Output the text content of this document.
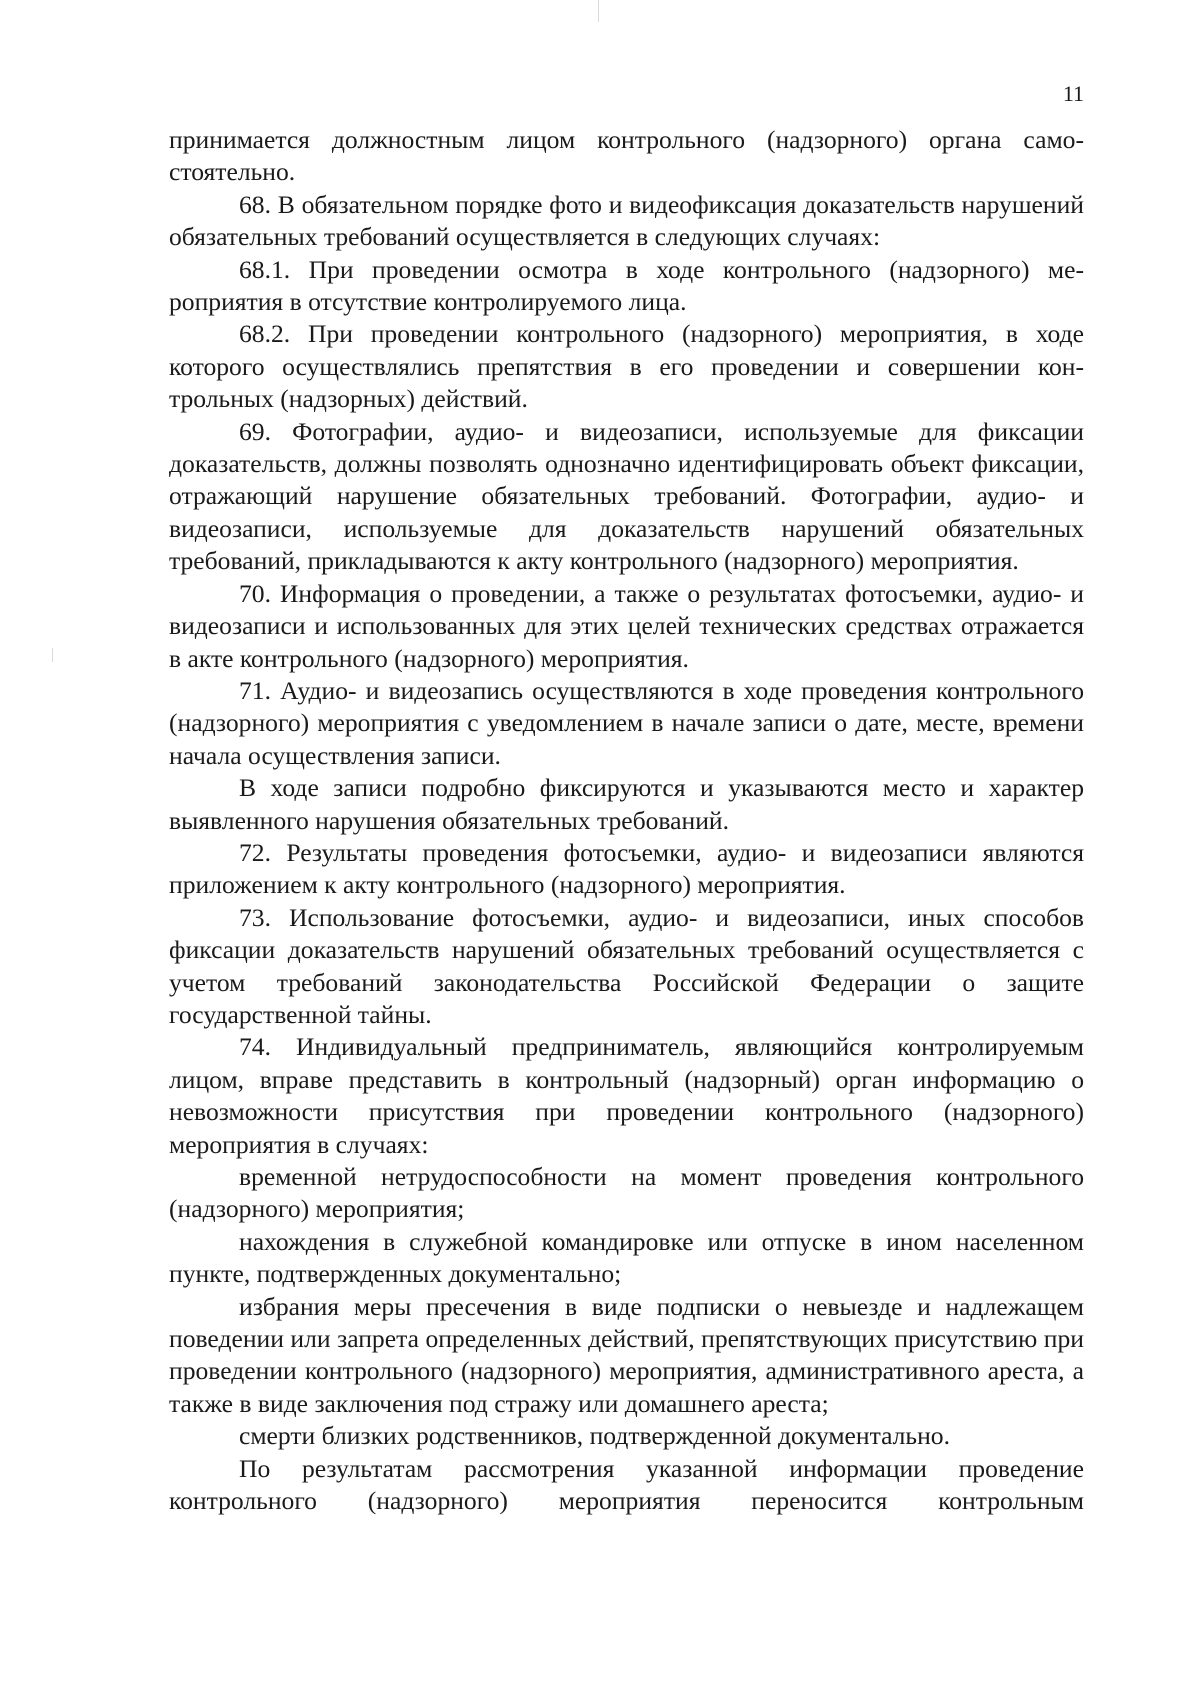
11

принимается должностным лицом контрольного (надзорного) органа самостоятельно.

68. В обязательном порядке фото и видеофиксация доказательств нарушений обязательных требований осуществляется в следующих случаях:

68.1. При проведении осмотра в ходе контрольного (надзорного) мероприятия в отсутствие контролируемого лица.

68.2. При проведении контрольного (надзорного) мероприятия, в ходе которого осуществлялись препятствия в его проведении и совершении контрольных (надзорных) действий.

69. Фотографии, аудио- и видеозаписи, используемые для фиксации доказательств, должны позволять однозначно идентифицировать объект фиксации, отражающий нарушение обязательных требований. Фотографии, аудио- и видеозаписи, используемые для доказательств нарушений обязательных требований, прикладываются к акту контрольного (надзорного) мероприятия.

70. Информация о проведении, а также о результатах фотосъемки, аудио- и видеозаписи и использованных для этих целей технических средствах отражается в акте контрольного (надзорного) мероприятия.

71. Аудио- и видеозапись осуществляются в ходе проведения контрольного (надзорного) мероприятия с уведомлением в начале записи о дате, месте, времени начала осуществления записи.

В ходе записи подробно фиксируются и указываются место и характер выявленного нарушения обязательных требований.

72. Результаты проведения фотосъемки, аудио- и видеозаписи являются приложением к акту контрольного (надзорного) мероприятия.

73. Использование фотосъемки, аудио- и видеозаписи, иных способов фиксации доказательств нарушений обязательных требований осуществляется с учетом требований законодательства Российской Федерации о защите государственной тайны.

74. Индивидуальный предприниматель, являющийся контролируемым лицом, вправе представить в контрольный (надзорный) орган информацию о невозможности присутствия при проведении контрольного (надзорного) мероприятия в случаях:

временной нетрудоспособности на момент проведения контрольного (надзорного) мероприятия;

нахождения в служебной командировке или отпуске в ином населенном пункте, подтвержденных документально;

избрания меры пресечения в виде подписки о невыезде и надлежащем поведении или запрета определенных действий, препятствующих присутствию при проведении контрольного (надзорного) мероприятия, административного ареста, а также в виде заключения под стражу или домашнего ареста;

смерти близких родственников, подтвержденной документально.

По результатам рассмотрения указанной информации проведение контрольного (надзорного) мероприятия переносится контрольным
